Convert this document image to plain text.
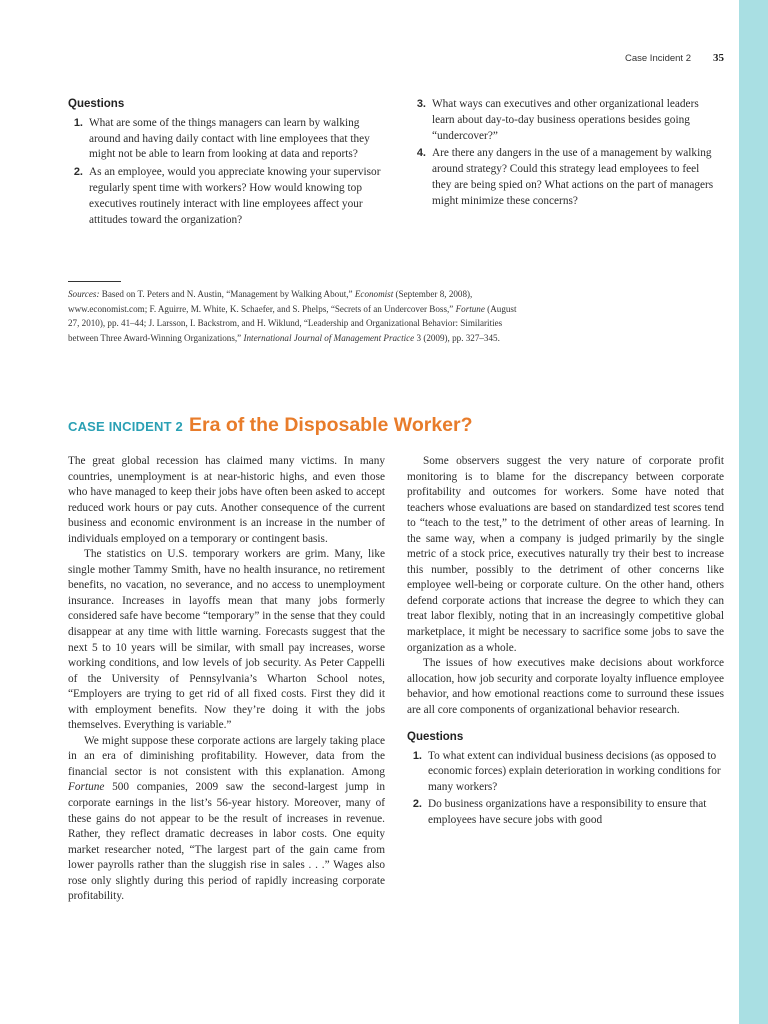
Case Incident 2 35
Questions
1. What are some of the things managers can learn by walking around and having daily contact with line employees that they might not be able to learn from looking at data and reports?
2. As an employee, would you appreciate knowing your supervisor regularly spent time with workers? How would knowing top executives routinely interact with line employees affect your attitudes toward the organization?
3. What ways can executives and other organizational leaders learn about day-to-day business operations besides going “undercover?”
4. Are there any dangers in the use of a management by walking around strategy? Could this strategy lead employees to feel they are being spied on? What actions on the part of managers might minimize these concerns?
Sources: Based on T. Peters and N. Austin, “Management by Walking About,” Economist (September 8, 2008), www.economist.com; F. Aguirre, M. White, K. Schaefer, and S. Phelps, “Secrets of an Undercover Boss,” Fortune (August 27, 2010), pp. 41–44; J. Larsson, I. Backstrom, and H. Wiklund, “Leadership and Organizational Behavior: Similarities between Three Award-Winning Organizations,” International Journal of Management Practice 3 (2009), pp. 327–345.
CASE INCIDENT 2 Era of the Disposable Worker?

The great global recession has claimed many victims. In many countries, unemployment is at near-historic highs, and even those who have managed to keep their jobs have often been asked to accept reduced work hours or pay cuts. Another consequence of the current business and economic environment is an increase in the number of individuals employed on a temporary or contingent basis.

The statistics on U.S. temporary workers are grim. Many, like single mother Tammy Smith, have no health insurance, no retirement benefits, no vacation, no severance, and no access to unemployment insurance. Increases in layoffs mean that many jobs formerly considered safe have become “temporary” in the sense that they could disappear at any time with little warning. Forecasts suggest that the next 5 to 10 years will be similar, with small pay increases, worse working conditions, and low levels of job security. As Peter Cappelli of the University of Pennsylvania’s Wharton School notes, “Employers are trying to get rid of all fixed costs. First they did it with employment benefits. Now they’re doing it with the jobs themselves. Everything is variable.”

We might suppose these corporate actions are largely taking place in an era of diminishing profitability. However, data from the financial sector is not consistent with this explanation. Among Fortune 500 companies, 2009 saw the second-largest jump in corporate earnings in the list’s 56-year history. Moreover, many of these gains do not appear to be the result of increases in revenue. Rather, they reflect dramatic decreases in labor costs. One equity market researcher noted, “The largest part of the gain came from lower payrolls rather than the sluggish rise in sales . . .” Wages also rose only slightly during this period of rapidly increasing corporate profitability.

Some observers suggest the very nature of corporate profit monitoring is to blame for the discrepancy between corporate profitability and outcomes for workers. Some have noted that teachers whose evaluations are based on standardized test scores tend to “teach to the test,” to the detriment of other areas of learning. In the same way, when a company is judged primarily by the single metric of a stock price, executives naturally try their best to increase this number, possibly to the detriment of other concerns like employee well-being or corporate culture. On the other hand, others defend corporate actions that increase the degree to which they can treat labor flexibly, noting that in an increasingly competitive global marketplace, it might be necessary to sacrifice some jobs to save the organization as a whole.

The issues of how executives make decisions about workforce allocation, how job security and corporate loyalty influence employee behavior, and how emotional reactions come to surround these issues are all core components of organizational behavior research.

Questions
1. To what extent can individual business decisions (as opposed to economic forces) explain deterioration in working conditions for many workers?
2. Do business organizations have a responsibility to ensure that employees have secure jobs with good
